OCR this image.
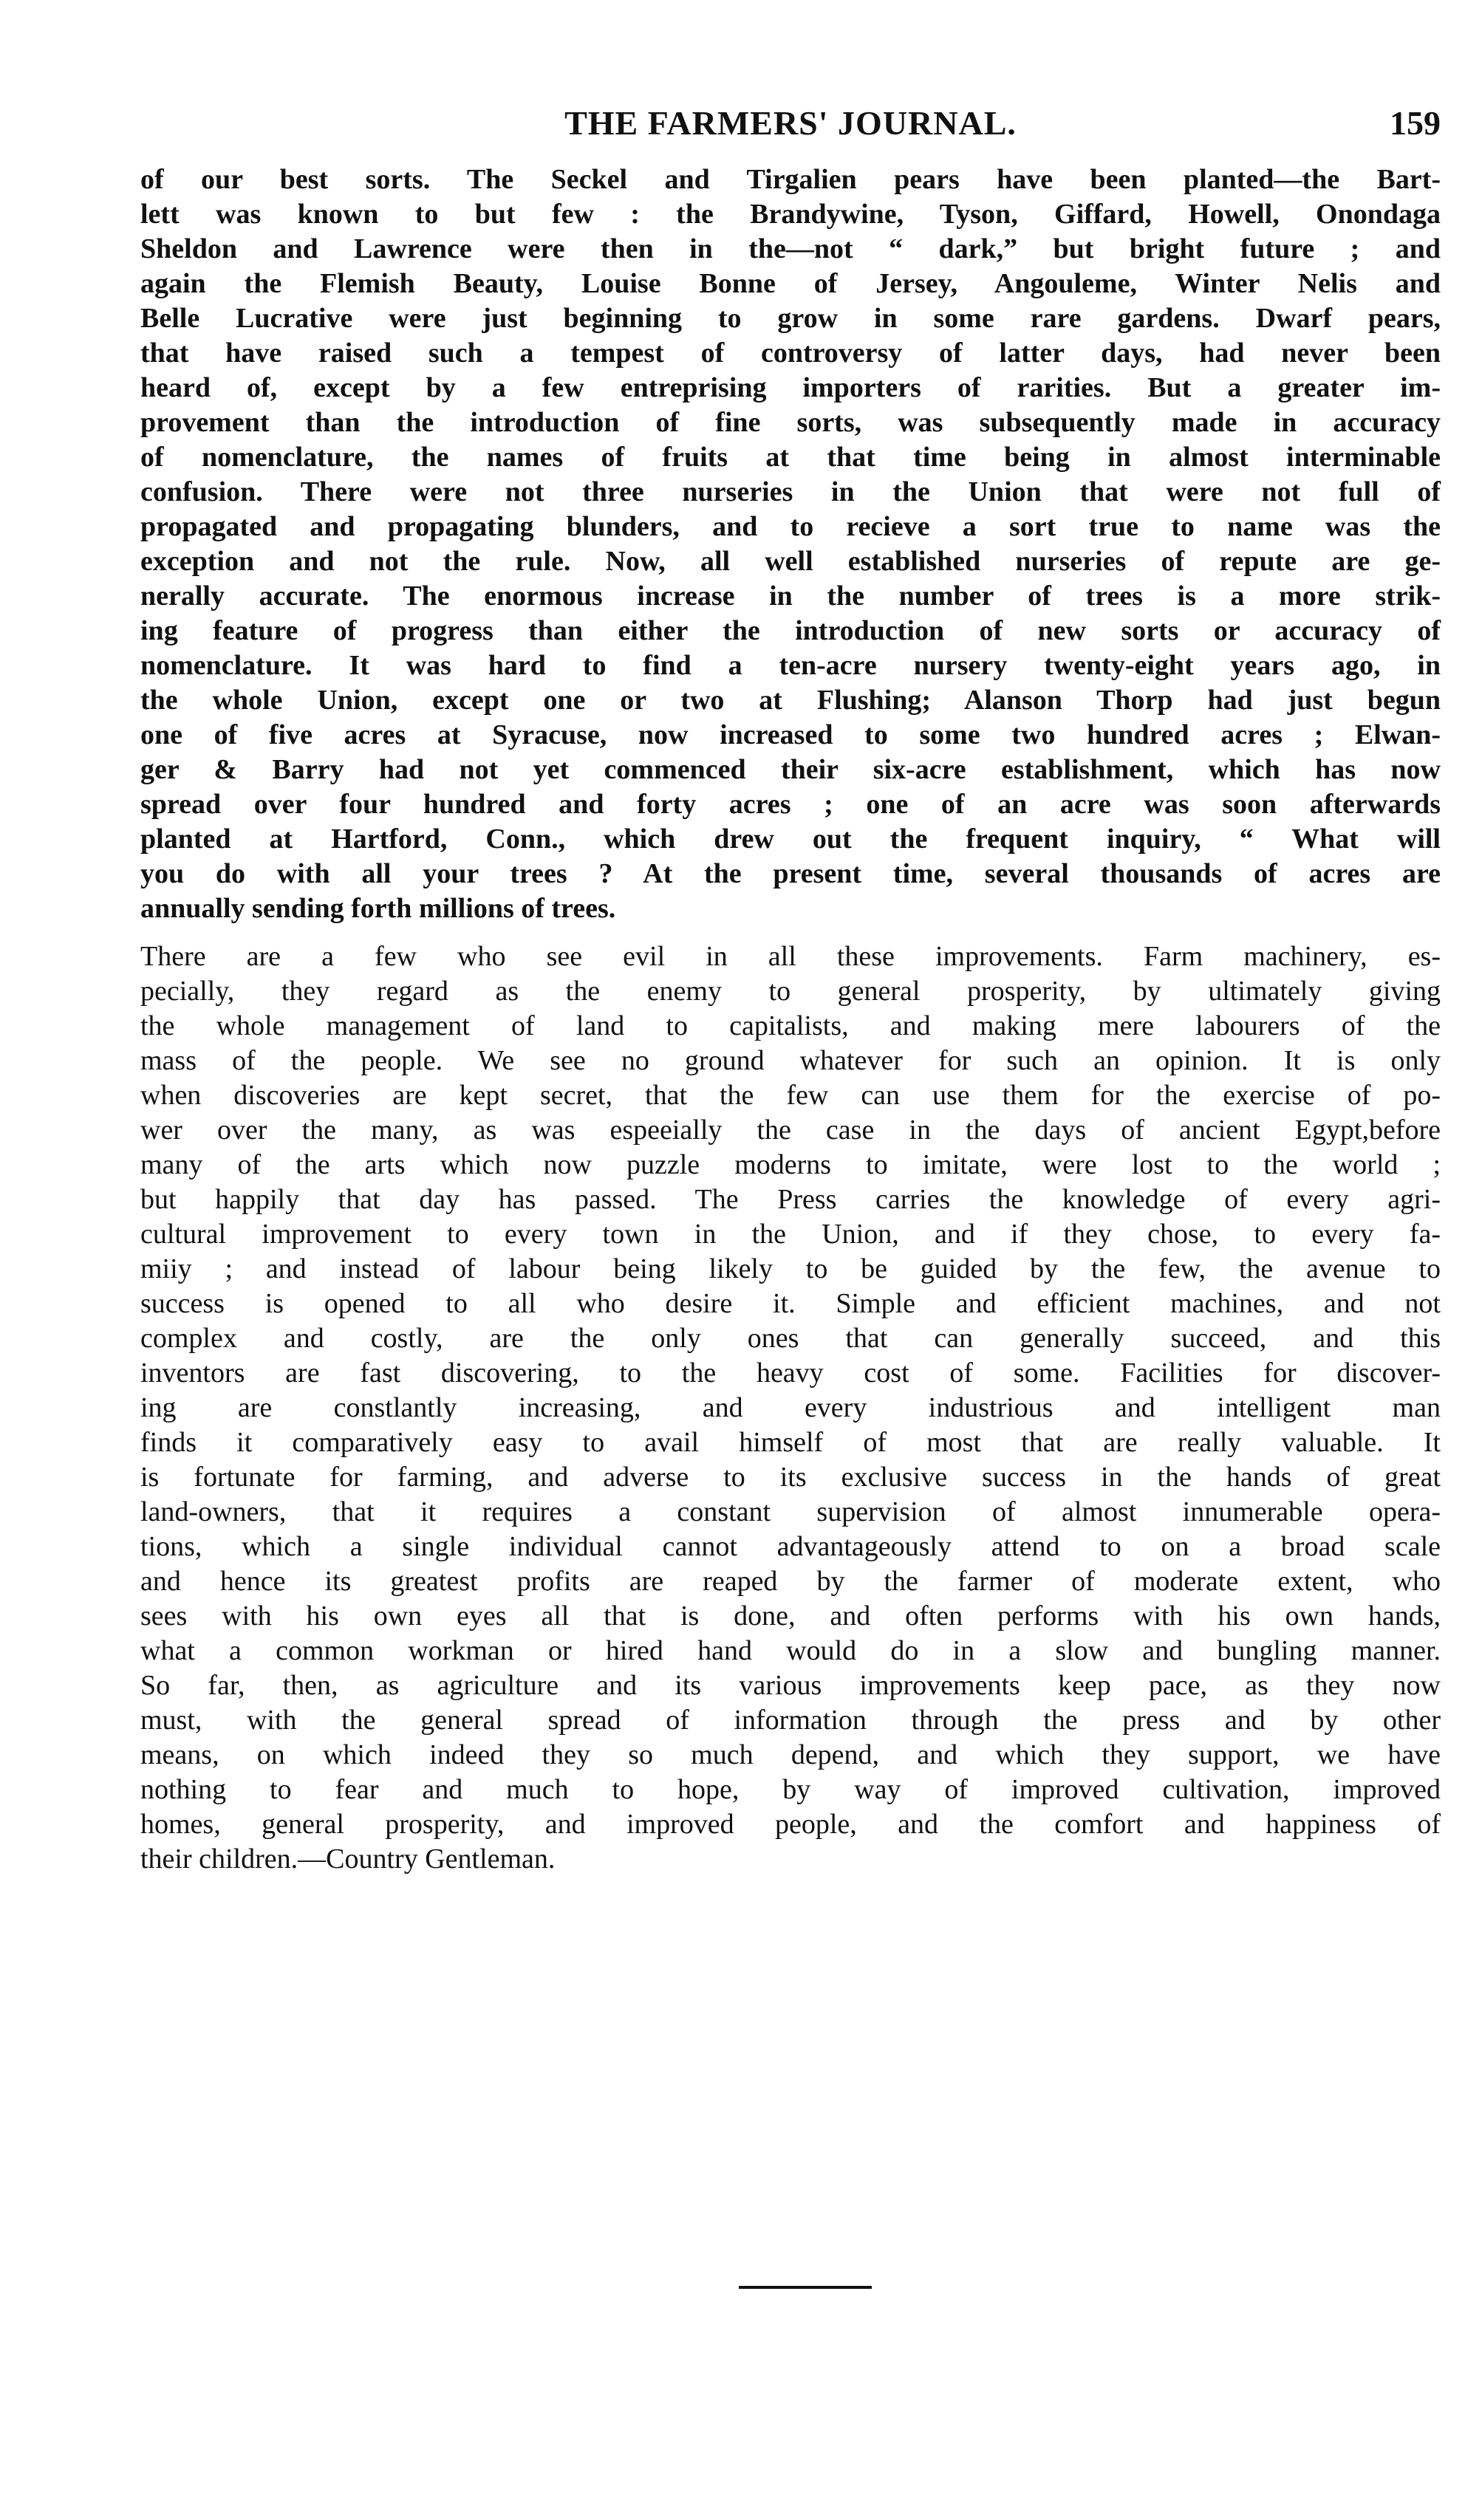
THE FARMERS' JOURNAL.	159

of our best sorts. The Seckel and Tirgalien pears have been planted—the Bart-
lett was known to but few : the Brandywine, Tyson, Giffard, Howell, Onondaga
Sheldon and Lawrence were then in the—not “ dark,” but bright future ; and
again the Flemish Beauty, Louise Bonne of Jersey, Angouleme, Winter Nelis and
Belle Lucrative were just beginning to grow in some rare gardens. Dwarf pears,
that have raised such a tempest of controversy of latter days, had never been
heard of, except by a few entreprising importers of rarities. But a greater im-
provement than the introduction of fine sorts, was subsequently made in accuracy
of nomenclature, the names of fruits at that time being in almost interminable
confusion. There were not three nurseries in the Union that were not full of
propagated and propagating blunders, and to recieve a sort true to name was the
exception and not the rule. Now, all well established nurseries of repute are ge-
nerally accurate. The enormous increase in the number of trees is a more strik-
ing feature of progress than either the introduction of new sorts or accuracy of
nomenclature. It was hard to find a ten-acre nursery twenty-eight years ago, in
the whole Union, except one or two at Flushing; Alanson Thorp had just begun
one of five acres at Syracuse, now increased to some two hundred acres ; Elwan-
ger & Barry had not yet commenced their six-acre establishment, which has now
spread over four hundred and forty acres ; one of an acre was soon afterwards
planted at Hartford, Conn., which drew out the frequent inquiry, “ What will
you do with all your trees ? At the present time, several thousands of acres are
annually sending forth millions of trees.

There are a few who see evil in all these improvements. Farm machinery, es-
pecially, they regard as the enemy to general prosperity, by ultimately giving
the whole management of land to capitalists, and making mere labourers of the
mass of the people. We see no ground whatever for such an opinion. It is only
when discoveries are kept secret, that the few can use them for the exercise of po-
wer over the many, as was espeeially the case in the days of ancient Egypt,before
many of the arts which now puzzle moderns to imitate, were lost to the world ;
but happily that day has passed. The Press carries the knowledge of every agri-
cultural improvement to every town in the Union, and if they chose, to every fa-
miiy ; and instead of labour being likely to be guided by the few, the avenue to
success is opened to all who desire it. Simple and efficient machines, and not
complex and costly, are the only ones that can generally succeed, and this
inventors are fast discovering, to the heavy cost of some. Facilities for discover-
ing are constlantly increasing, and every industrious and intelligent man
finds it comparatively easy to avail himself of most that are really valuable. It
is fortunate for farming, and adverse to its exclusive success in the hands of great
land-owners, that it requires a constant supervision of almost innumerable opera-
tions, which a single individual cannot advantageously attend to on a broad scale
and hence its greatest profits are reaped by the farmer of moderate extent, who
sees with his own eyes all that is done, and often performs with his own hands,
what a common workman or hired hand would do in a slow and bungling manner.
So far, then, as agriculture and its various improvements keep pace, as they now
must, with the general spread of information through the press and by other
means, on which indeed they so much depend, and which they support, we have
nothing to fear and much to hope, by way of improved cultivation, improved
homes, general prosperity, and improved people, and the comfort and happiness of
their children.—Country Gentleman.
